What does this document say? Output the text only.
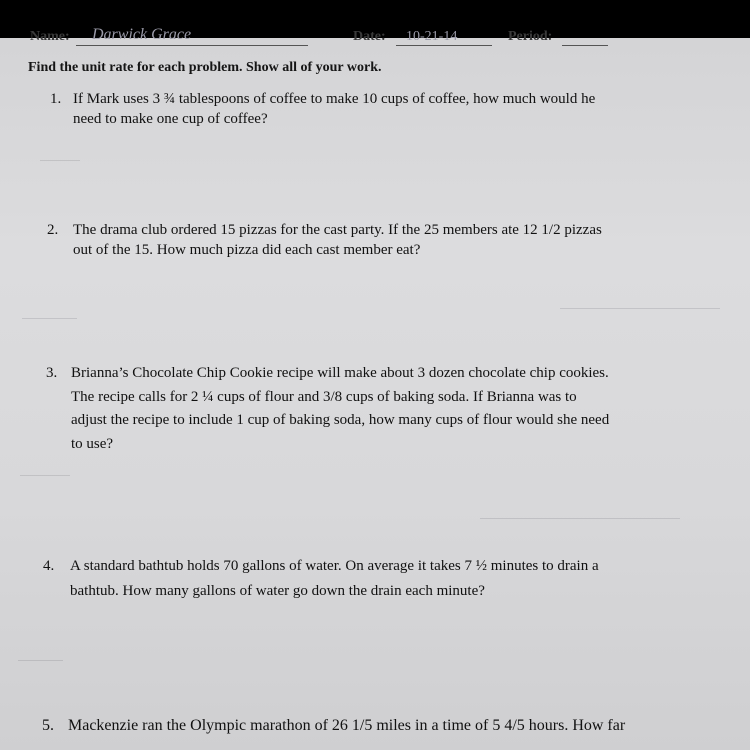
Name: Darwick Grace	Date: 10-21-14	Period:
Find the unit rate for each problem. Show all of your work.
1. If Mark uses 3 ¾ tablespoons of coffee to make 10 cups of coffee, how much would he
need to make one cup of coffee?
2. The drama club ordered 15 pizzas for the cast party. If the 25 members ate 12 1/2 pizzas
out of the 15. How much pizza did each cast member eat?
3. Brianna’s Chocolate Chip Cookie recipe will make about 3 dozen chocolate chip cookies.
The recipe calls for 2 ¼ cups of flour and 3/8 cups of baking soda. If Brianna was to
adjust the recipe to include 1 cup of baking soda, how many cups of flour would she need
to use?
4. A standard bathtub holds 70 gallons of water. On average it takes 7 ½ minutes to drain a
bathtub. How many gallons of water go down the drain each minute?
5. Mackenzie ran the Olympic marathon of 26 1/5 miles in a time of 5 4/5 hours. How far
